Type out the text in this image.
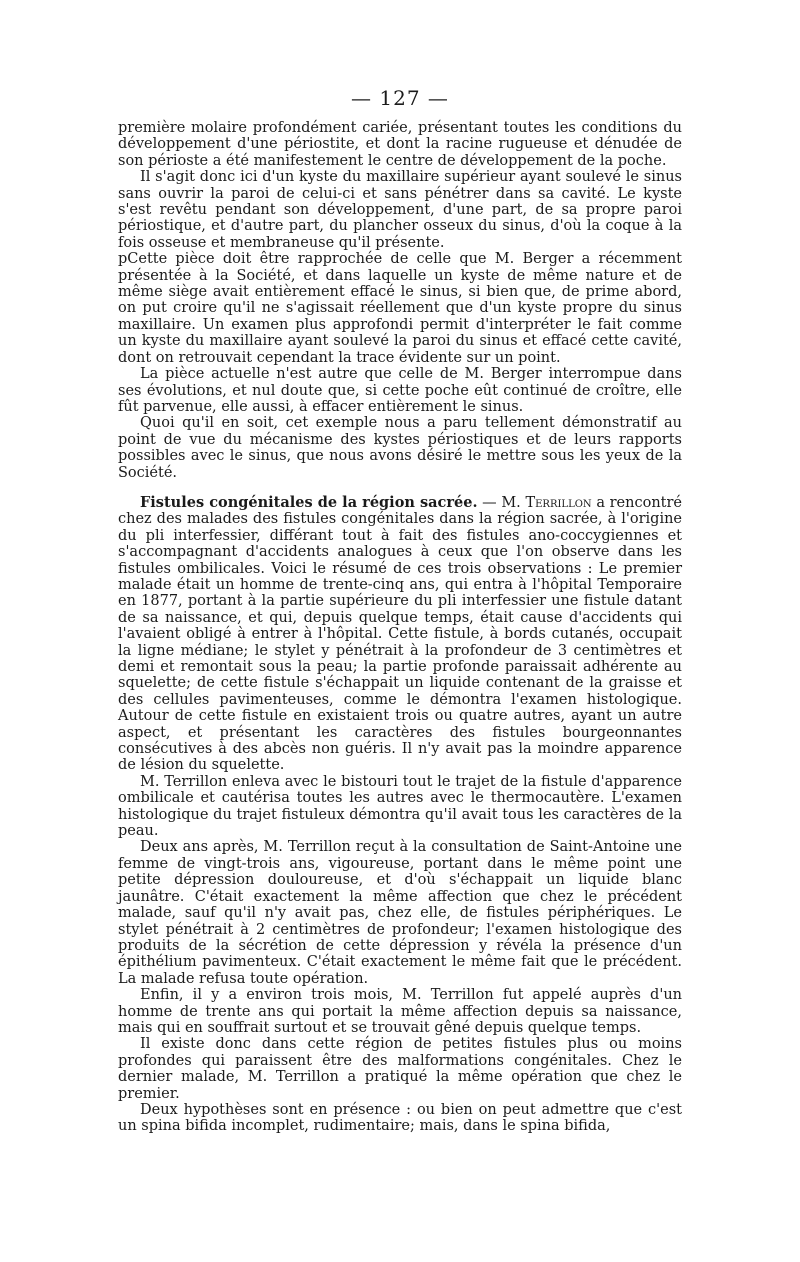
— 127 —

première molaire profondément cariée, présentant toutes les conditions du développement d'une périostite, et dont la racine rugueuse et dénudée de son périoste a été manifestement le centre de développement de la poche.

Il s'agit donc ici d'un kyste du maxillaire supérieur ayant soulevé le sinus sans ouvrir la paroi de celui-ci et sans pénétrer dans sa cavité. Le kyste s'est revêtu pendant son développement, d'une part, de sa propre paroi périostique, et d'autre part, du plancher osseux du sinus, d'où la coque à la fois osseuse et membraneuse qu'il présente.

pCette pièce doit être rapprochée de celle que M. Berger a récemment présentée à la Société, et dans laquelle un kyste de même nature et de même siège avait entièrement effacé le sinus, si bien que, de prime abord, on put croire qu'il ne s'agissait réellement que d'un kyste propre du sinus maxillaire. Un examen plus approfondi permit d'interpréter le fait comme un kyste du maxillaire ayant soulevé la paroi du sinus et effacé cette cavité, dont on retrouvait cependant la trace évidente sur un point.

La pièce actuelle n'est autre que celle de M. Berger interrompue dans ses évolutions, et nul doute que, si cette poche eût continué de croître, elle fût parvenue, elle aussi, à effacer entièrement le sinus.

Quoi qu'il en soit, cet exemple nous a paru tellement démonstratif au point de vue du mécanisme des kystes périostiques et de leurs rapports possibles avec le sinus, que nous avons désiré le mettre sous les yeux de la Société.

Fistules congénitales de la région sacrée. — M. Terrillon a rencontré chez des malades des fistules congénitales dans la région sacrée, à l'origine du pli interfessier, différant tout à fait des fistules ano-coccygiennes et s'accompagnant d'accidents analogues à ceux que l'on observe dans les fistules ombilicales. Voici le résumé de ces trois observations : Le premier malade était un homme de trente-cinq ans, qui entra à l'hôpital Temporaire en 1877, portant à la partie supérieure du pli interfessier une fistule datant de sa naissance, et qui, depuis quelque temps, était cause d'accidents qui l'avaient obligé à entrer à l'hôpital. Cette fistule, à bords cutanés, occupait la ligne médiane; le stylet y pénétrait à la profondeur de 3 centimètres et demi et remontait sous la peau; la partie profonde paraissait adhérente au squelette; de cette fistule s'échappait un liquide contenant de la graisse et des cellules pavimenteuses, comme le démontra l'examen histologique. Autour de cette fistule en existaient trois ou quatre autres, ayant un autre aspect, et présentant les caractères des fistules bourgeonnantes consécutives à des abcès non guéris. Il n'y avait pas la moindre apparence de lésion du squelette.

M. Terrillon enleva avec le bistouri tout le trajet de la fistule d'apparence ombilicale et cautérisa toutes les autres avec le thermocautère. L'examen histologique du trajet fistuleux démontra qu'il avait tous les caractères de la peau.

Deux ans après, M. Terrillon reçut à la consultation de Saint-Antoine une femme de vingt-trois ans, vigoureuse, portant dans le même point une petite dépression douloureuse, et d'où s'échappait un liquide blanc jaunâtre. C'était exactement la même affection que chez le précédent malade, sauf qu'il n'y avait pas, chez elle, de fistules périphériques. Le stylet pénétrait à 2 centimètres de profondeur; l'examen histologique des produits de la sécrétion de cette dépression y révéla la présence d'un épithélium pavimenteux. C'était exactement le même fait que le précédent. La malade refusa toute opération.

Enfin, il y a environ trois mois, M. Terrillon fut appelé auprès d'un homme de trente ans qui portait la même affection depuis sa naissance, mais qui en souffrait surtout et se trouvait gêné depuis quelque temps.

Il existe donc dans cette région de petites fistules plus ou moins profondes qui paraissent être des malformations congénitales. Chez le dernier malade, M. Terrillon a pratiqué la même opération que chez le premier.

Deux hypothèses sont en présence : ou bien on peut admettre que c'est un spina bifida incomplet, rudimentaire; mais, dans le spina bifida,
